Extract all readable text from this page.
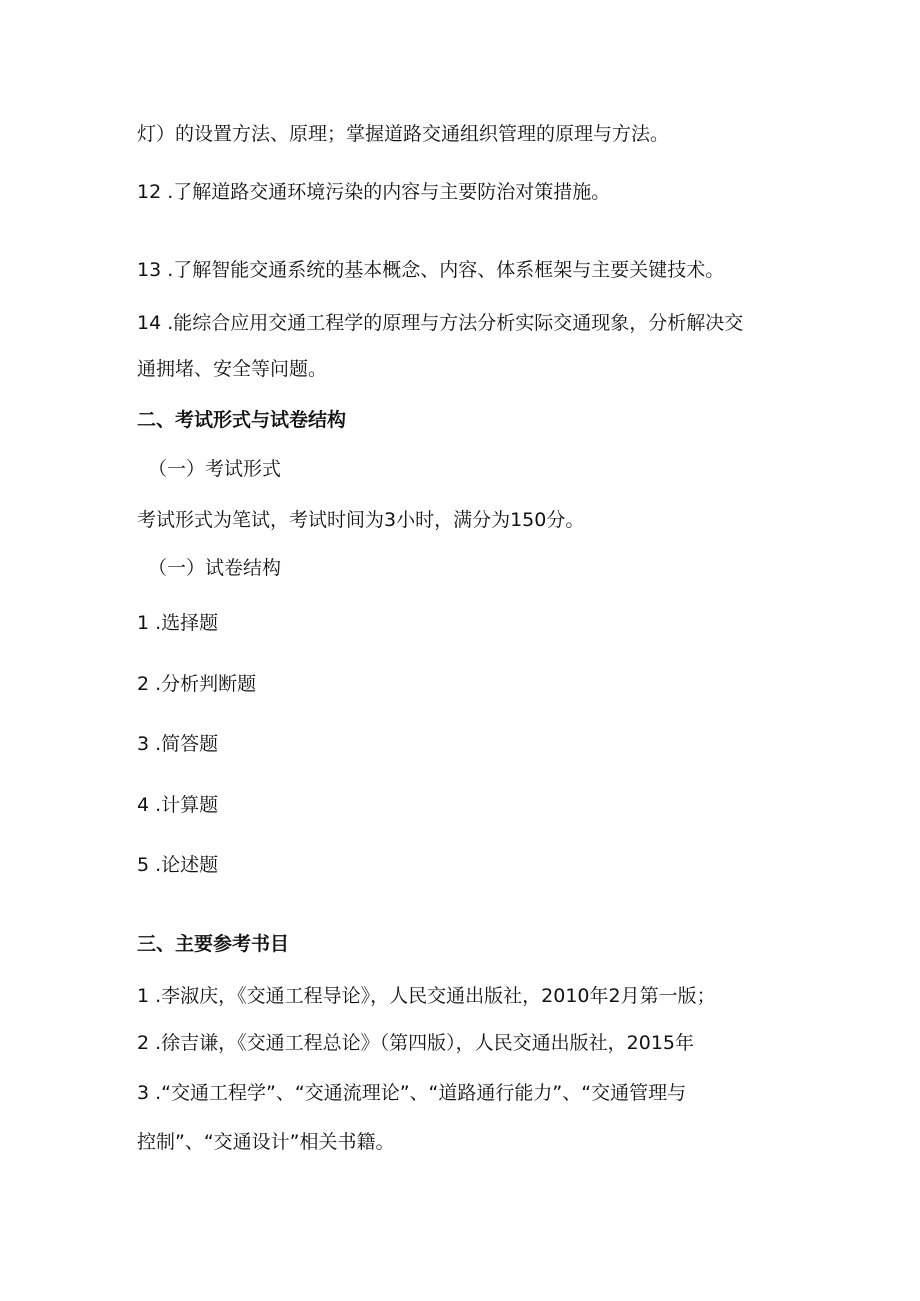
灯）的设置方法、原理；掌握道路交通组织管理的原理与方法。
12 .了解道路交通环境污染的内容与主要防治对策措施。
13 .了解智能交通系统的基本概念、内容、体系框架与主要关键技术。
14 .能综合应用交通工程学的原理与方法分析实际交通现象，分析解决交
通拥堵、安全等问题。
二、考试形式与试卷结构
（一）考试形式
考试形式为笔试，考试时间为3小时，满分为150分。
（一）试卷结构
1 .选择题
2 .分析判断题
3 .简答题
4 .计算题
5 .论述题
三、主要参考书目
1 .李淑庆，《交通工程导论》，人民交通出版社，2010年2月第一版；
2 .徐吉谦，《交通工程总论》（第四版），人民交通出版社，2015年
3 .“交通工程学”、“交通流理论”、“道路通行能力”、“交通管理与
控制”、“交通设计”相关书籍。
